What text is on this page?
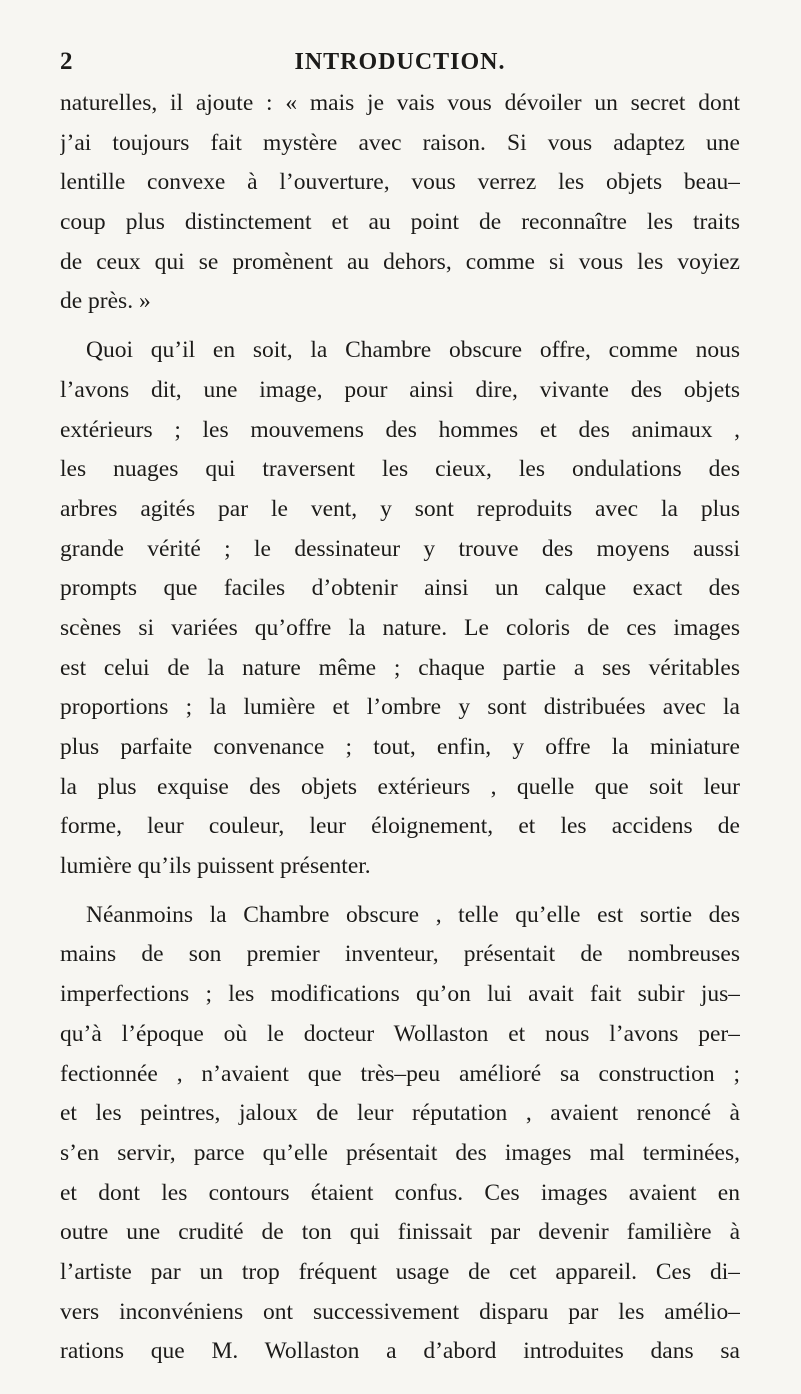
2	INTRODUCTION.
naturelles, il ajoute : « mais je vais vous dévoiler un secret dont
j’ai toujours fait mystère avec raison. Si vous adaptez une
lentille convexe à l’ouverture, vous verrez les objets beau–
coup plus distinctement et au point de reconnaître les traits
de ceux qui se promènent au dehors, comme si vous les voyiez
de près. »
Quoi qu’il en soit, la Chambre obscure offre, comme nous
l’avons dit, une image, pour ainsi dire, vivante des objets
extérieurs ; les mouvemens des hommes et des animaux ,
les nuages qui traversent les cieux, les ondulations des
arbres agités par le vent, y sont reproduits avec la plus
grande vérité ; le dessinateur y trouve des moyens aussi
prompts que faciles d’obtenir ainsi un calque exact des
scènes si variées qu’offre la nature. Le coloris de ces images
est celui de la nature même ; chaque partie a ses véritables
proportions ; la lumière et l’ombre y sont distribuées avec la
plus parfaite convenance ; tout, enfin, y offre la miniature
la plus exquise des objets extérieurs , quelle que soit leur
forme, leur couleur, leur éloignement, et les accidens de
lumière qu’ils puissent présenter.
Néanmoins la Chambre obscure , telle qu’elle est sortie des
mains de son premier inventeur, présentait de nombreuses
imperfections ; les modifications qu’on lui avait fait subir jus–
qu’à l’époque où le docteur Wollaston et nous l’avons per–
fectionnée , n’avaient que très–peu amélioré sa construction ;
et les peintres, jaloux de leur réputation , avaient renoncé à
s’en servir, parce qu’elle présentait des images mal terminées,
et dont les contours étaient confus. Ces images avaient en
outre une crudité de ton qui finissait par devenir familière à
l’artiste par un trop fréquent usage de cet appareil. Ces di–
vers inconvéniens ont successivement disparu par les amélio–
rations que M. Wollaston a d’abord introduites dans sa
